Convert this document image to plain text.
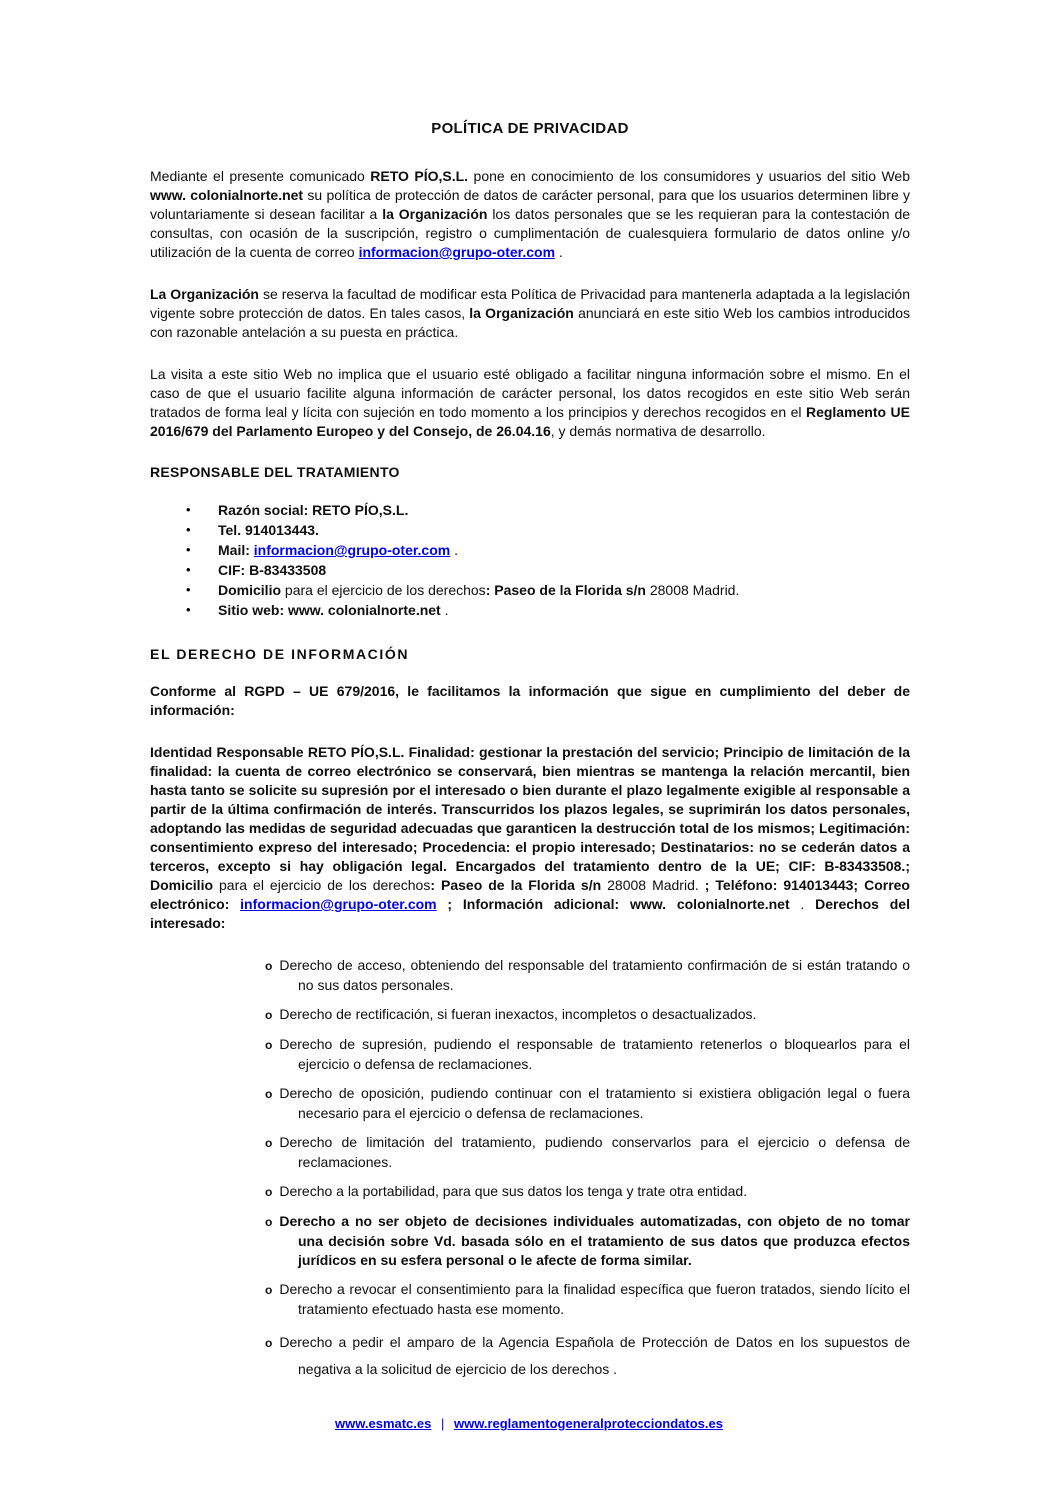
POLÍTICA DE PRIVACIDAD

Mediante el presente comunicado RETO PÍO,S.L. pone en conocimiento de los consumidores y usuarios del sitio Web www. colonialnorte.net su política de protección de datos de carácter personal, para que los usuarios determinen libre y voluntariamente si desean facilitar a la Organización los datos personales que se les requieran para la contestación de consultas, con ocasión de la suscripción, registro o cumplimentación de cualesquiera formulario de datos online y/o utilización de la cuenta de correo informacion@grupo-oter.com .

La Organización se reserva la facultad de modificar esta Política de Privacidad para mantenerla adaptada a la legislación vigente sobre protección de datos. En tales casos, la Organización anunciará en este sitio Web los cambios introducidos con razonable antelación a su puesta en práctica.

La visita a este sitio Web no implica que el usuario esté obligado a facilitar ninguna información sobre el mismo. En el caso de que el usuario facilite alguna información de carácter personal, los datos recogidos en este sitio Web serán tratados de forma leal y lícita con sujeción en todo momento a los principios y derechos recogidos en el Reglamento UE 2016/679 del Parlamento Europeo y del Consejo, de 26.04.16, y demás normativa de desarrollo.

RESPONSABLE DEL TRATAMIENTO
• Razón social: RETO PÍO,S.L.
• Tel. 914013443.
• Mail: informacion@grupo-oter.com .
• CIF: B-83433508
• Domicilio para el ejercicio de los derechos: Paseo de la Florida s/n 28008 Madrid.
• Sitio web: www. colonialnorte.net .
EL DERECHO DE INFORMACIÓN

Conforme al RGPD – UE 679/2016, le facilitamos la información que sigue en cumplimiento del deber de información:

Identidad Responsable RETO PÍO,S.L. Finalidad: gestionar la prestación del servicio; Principio de limitación de la finalidad: la cuenta de correo electrónico se conservará, bien mientras se mantenga la relación mercantil, bien hasta tanto se solicite su supresión por el interesado o bien durante el plazo legalmente exigible al responsable a partir de la última confirmación de interés. Transcurridos los plazos legales, se suprimirán los datos personales, adoptando las medidas de seguridad adecuadas que garanticen la destrucción total de los mismos; Legitimación: consentimiento expreso del interesado; Procedencia: el propio interesado; Destinatarios: no se cederán datos a terceros, excepto si hay obligación legal. Encargados del tratamiento dentro de la UE; CIF: B-83433508.; Domicilio para el ejercicio de los derechos: Paseo de la Florida s/n 28008 Madrid. ; Teléfono: 914013443; Correo electrónico: informacion@grupo-oter.com ; Información adicional: www. colonialnorte.net . Derechos del interesado:

o Derecho de acceso, obteniendo del responsable del tratamiento confirmación de si están tratando o no sus datos personales.
o Derecho de rectificación, si fueran inexactos, incompletos o desactualizados.
o Derecho de supresión, pudiendo el responsable de tratamiento retenerlos o bloquearlos para el ejercicio o defensa de reclamaciones.
o Derecho de oposición, pudiendo continuar con el tratamiento si existiera obligación legal o fuera necesario para el ejercicio o defensa de reclamaciones.
o Derecho de limitación del tratamiento, pudiendo conservarlos para el ejercicio o defensa de reclamaciones.
o Derecho a la portabilidad, para que sus datos los tenga y trate otra entidad.
o Derecho a no ser objeto de decisiones individuales automatizadas, con objeto de no tomar una decisión sobre Vd. basada sólo en el tratamiento de sus datos que produzca efectos jurídicos en su esfera personal o le afecte de forma similar.
o Derecho a revocar el consentimiento para la finalidad específica que fueron tratados, siendo lícito el tratamiento efectuado hasta ese momento.
o Derecho a pedir el amparo de la Agencia Española de Protección de Datos en los supuestos de negativa a la solicitud de ejercicio de los derechos .
www.esmatc.es | www.reglamentogeneralprotecciondatos.es
